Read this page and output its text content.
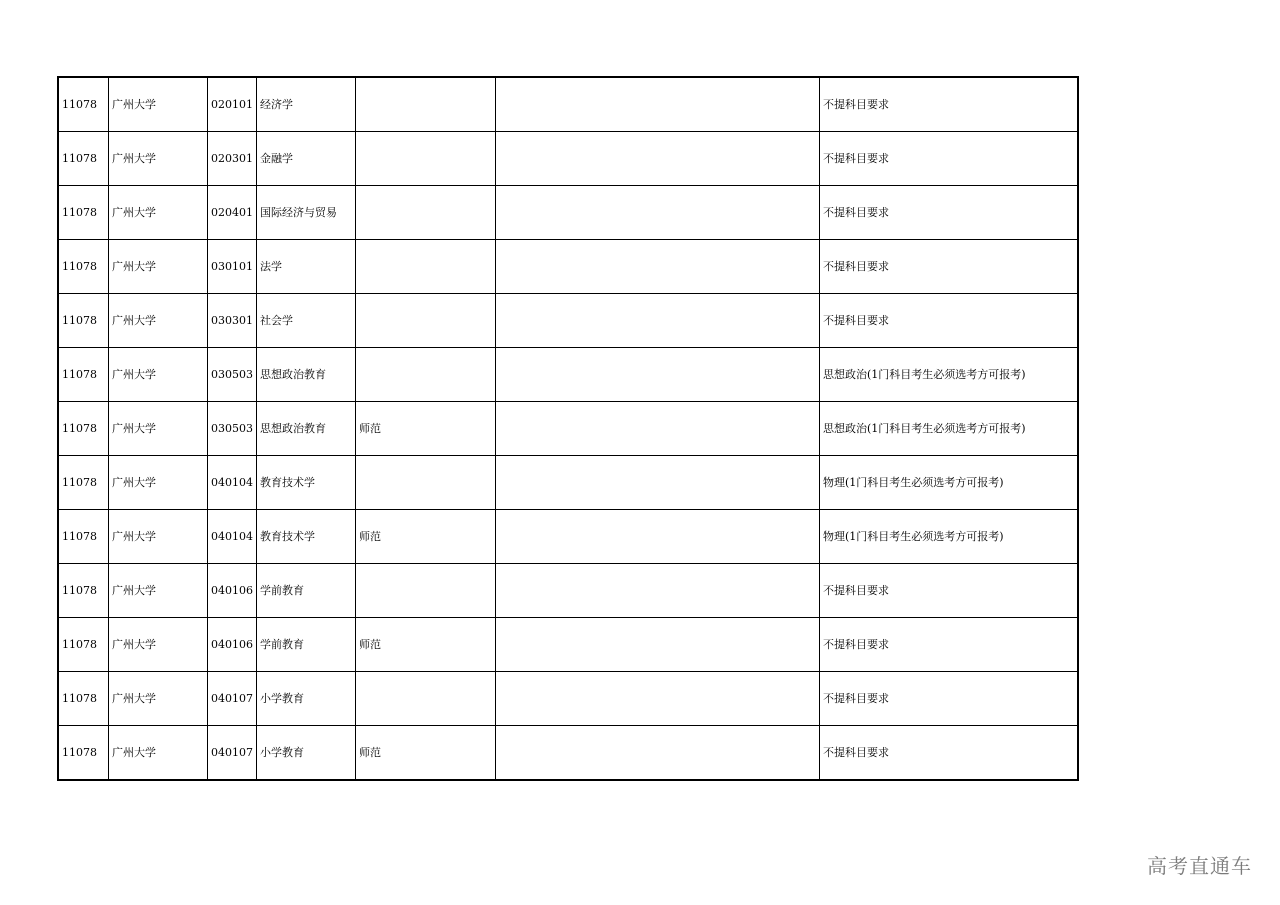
11078	广州大学	020101	经济学			不提科目要求
11078	广州大学	020301	金融学			不提科目要求
11078	广州大学	020401	国际经济与贸易			不提科目要求
11078	广州大学	030101	法学			不提科目要求
11078	广州大学	030301	社会学			不提科目要求
11078	广州大学	030503	思想政治教育			思想政治(1门科目考生必须选考方可报考)
11078	广州大学	030503	思想政治教育	师范		思想政治(1门科目考生必须选考方可报考)
11078	广州大学	040104	教育技术学			物理(1门科目考生必须选考方可报考)
11078	广州大学	040104	教育技术学	师范		物理(1门科目考生必须选考方可报考)
11078	广州大学	040106	学前教育			不提科目要求
11078	广州大学	040106	学前教育	师范		不提科目要求
11078	广州大学	040107	小学教育			不提科目要求
11078	广州大学	040107	小学教育	师范		不提科目要求
高考直通车
